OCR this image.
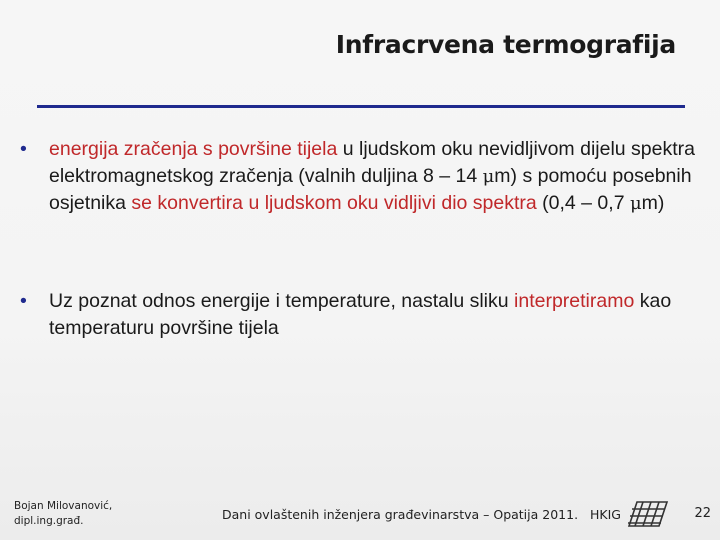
Infracrvena termografija
•	energija zračenja s površine tijela u ljudskom oku nevidljivom dijelu spektra elektromagnetskog zračenja (valnih duljina 8 – 14 μm) s pomoću posebnih osjetnika se konvertira u ljudskom oku vidljivi dio spektra (0,4 – 0,7 μm)
•	Uz poznat odnos energije i temperature, nastalu sliku interpretiramo kao temperaturu površine tijela
Bojan Milovanović,
dipl.ing.građ.	Dani ovlaštenih inženjera građevinarstva – Opatija 2011. HKIG	22
